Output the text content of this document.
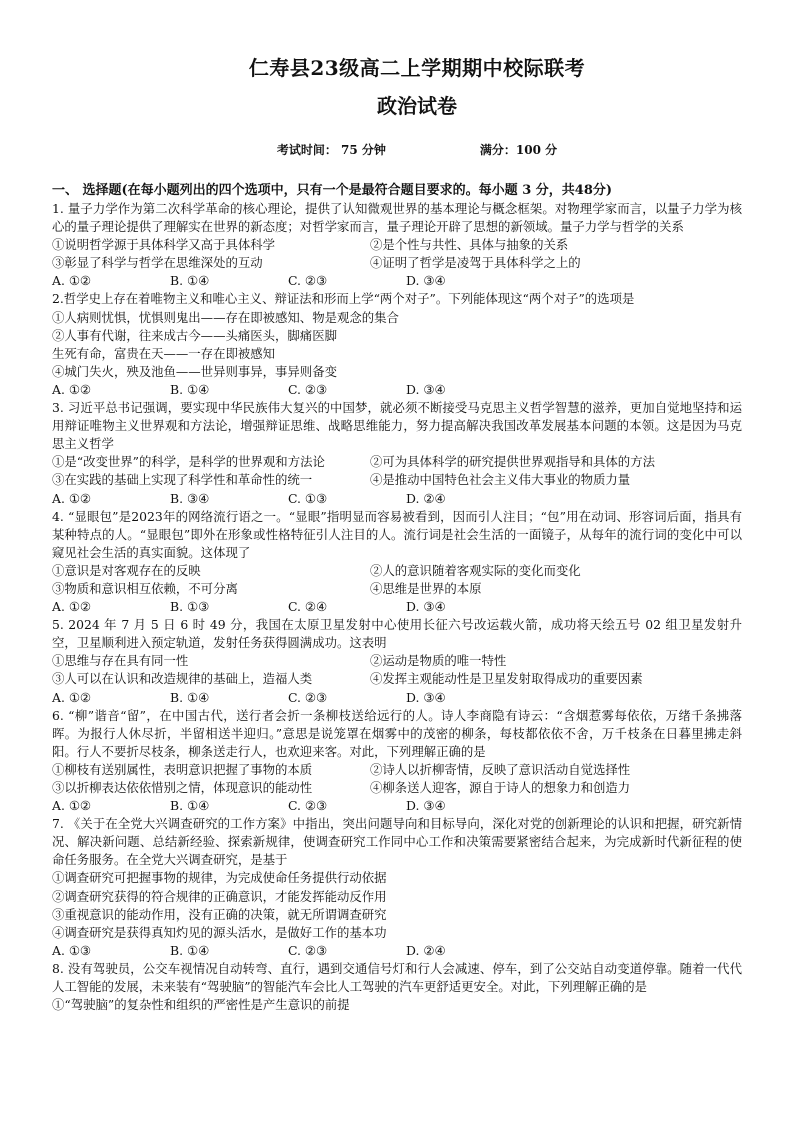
仁寿县23级高二上学期期中校际联考
政治试卷
考试时间： 75 分钟	满分：100 分
一、 选择题(在每小题列出的四个选项中，只有一个是最符合题目要求的。每小题 3 分，共48分)
1. 量子力学作为第二次科学革命的核心理论，提供了认知微观世界的基本理论与概念框架。对物理学家而言，以量子力学为核心的量子理论提供了理解实在世界的新态度；对哲学家而言，量子理论开辟了思想的新领域。量子力学与哲学的关系
①说明哲学源于具体科学又高于具体科学	②是个性与共性、具体与抽象的关系
③彰显了科学与哲学在思维深处的互动	④证明了哲学是凌驾于具体科学之上的
A. ①②	B. ①④	C. ②③	D. ③④
2.哲学史上存在着唯物主义和唯心主义、辩证法和形而上学“两个对子”。下列能体现这“两个对子”的选项是
①人病则忧惧，忧惧则鬼出——存在即被感知、物是观念的集合
②人事有代谢，往来成古今——头痛医头，脚痛医脚
生死有命，富贵在天——一存在即被感知
④城门失火，殃及池鱼——世异则事异，事异则备变
A. ①②	B. ①④	C. ②③	D. ③④
3. 习近平总书记强调，要实现中华民族伟大复兴的中国梦，就必须不断接受马克思主义哲学智慧的滋养，更加自觉地坚持和运用辩证唯物主义世界观和方法论，增强辩证思维、战略思维能力，努力提高解决我国改革发展基本问题的本领。这是因为马克思主义哲学
①是“改变世界”的科学，是科学的世界观和方法论	②可为具体科学的研究提供世界观指导和具体的方法
③在实践的基础上实现了科学性和革命性的统一	④是推动中国特色社会主义伟大事业的物质力量
A. ①②	B. ③④	C. ①③	D. ②④
4. “显眼包”是2023年的网络流行语之一。“显眼”指明显而容易被看到，因而引人注目；“包”用在动词、形容词后面，指具有某种特点的人。“显眼包”即外在形象或性格特征引人注目的人。流行词是社会生活的一面镜子，从每年的流行词的变化中可以窥见社会生活的真实面貌。这体现了
①意识是对客观存在的反映	②人的意识随着客观实际的变化而变化
③物质和意识相互依赖，不可分离	④思维是世界的本原
A. ①②	B. ①③	C. ②④	D. ③④
5. 2024 年 7 月 5 日 6 时 49 分，我国在太原卫星发射中心使用长征六号改运载火箭，成功将天绘五号 02 组卫星发射升空，卫星顺利进入预定轨道，发射任务获得圆满成功。这表明
①思维与存在具有同一性	②运动是物质的唯一特性
③人可以在认识和改造规律的基础上，造福人类	④发挥主观能动性是卫星发射取得成功的重要因素
A. ①②	B. ①④	C. ②③	D. ③④
6. “柳”谐音“留”，在中国古代，送行者会折一条柳枝送给远行的人。诗人李商隐有诗云：“含烟惹雾每依依，万绪千条拂落晖。为报行人休尽折，半留相送半迎归。”意思是说笼罩在烟雾中的茂密的柳条，每枝都依依不舍，万千枝条在日暮里拂走斜阳。行人不要折尽枝条，柳条送走行人，也欢迎来客。对此，下列理解正确的是
①柳枝有送别属性，表明意识把握了事物的本质	②诗人以折柳寄情，反映了意识活动自觉选择性
③以折柳表达依依惜别之情，体现意识的能动性	④柳条送人迎客，源自于诗人的想象力和创造力
A. ①②	B. ①④	C. ②③	D. ③④
7. 《关于在全党大兴调查研究的工作方案》中指出，突出问题导向和目标导向，深化对党的创新理论的认识和把握，研究新情况、解决新问题、总结新经验、探索新规律，使调查研究工作同中心工作和决策需要紧密结合起来，为完成新时代新征程的使命任务服务。在全党大兴调查研究，是基于
①调查研究可把握事物的规律，为完成使命任务提供行动依据
②调查研究获得的符合规律的正确意识，才能发挥能动反作用
③重视意识的能动作用，没有正确的决策，就无所谓调查研究
④调查研究是获得真知灼见的源头活水，是做好工作的基本功
A. ①③	B. ①④	C. ②③	D. ②④
8. 没有驾驶员，公交车视情况自动转弯、直行，遇到交通信号灯和行人会减速、停车，到了公交站自动变道停靠。随着一代代人工智能的发展，未来装有“驾驶脑”的智能汽车会比人工驾驶的汽车更舒适更安全。对此，下列理解正确的是
①“驾驶脑”的复杂性和组织的严密性是产生意识的前提
